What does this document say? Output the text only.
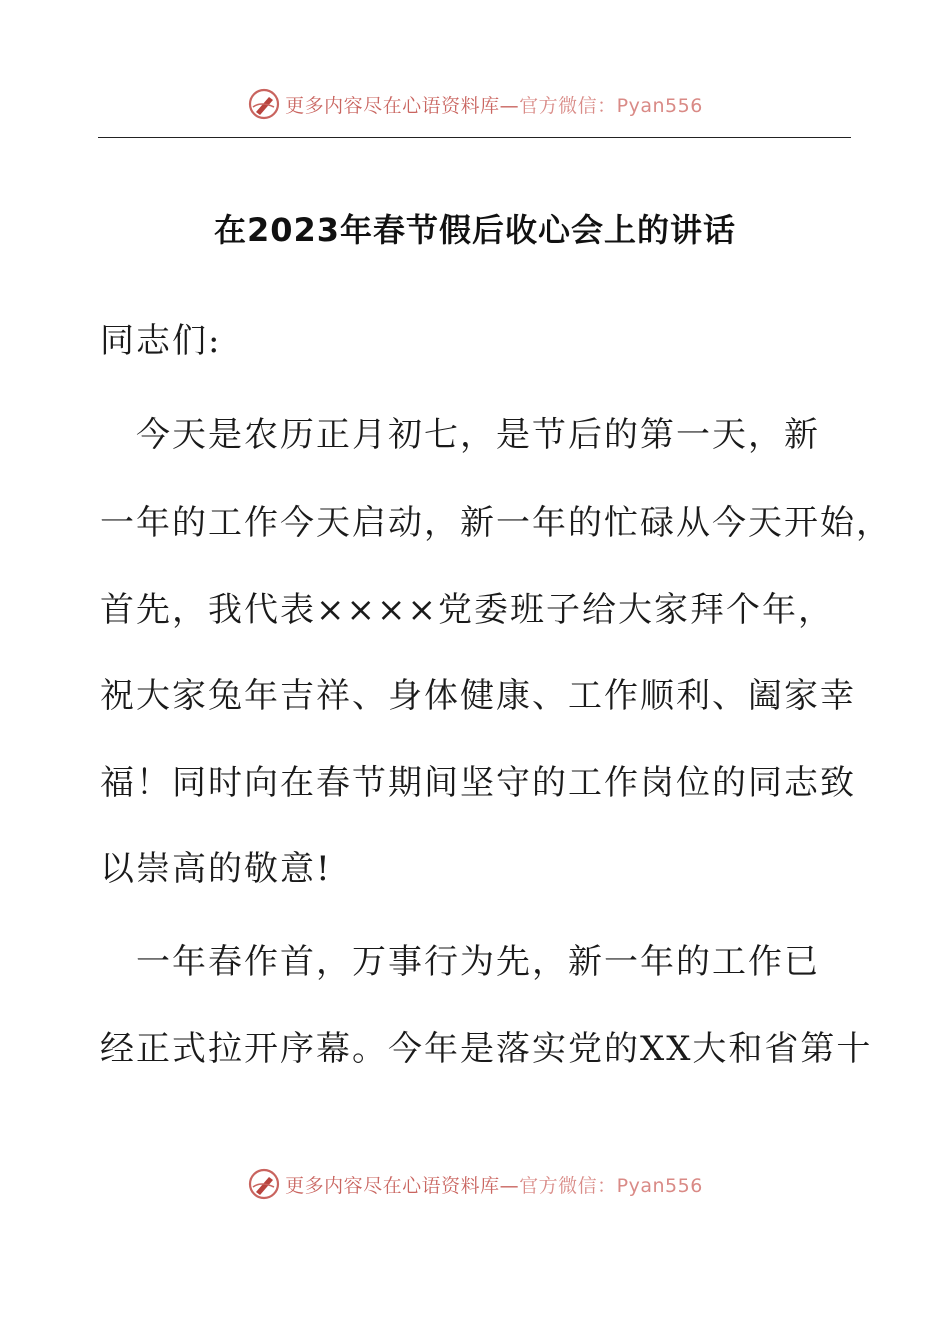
更多内容尽在心语资料库—官方微信：Pyan556
在2023年春节假后收心会上的讲话
同志们:
　今天是农历正月初七，是节后的第一天，新
一年的工作今天启动，新一年的忙碌从今天开始，
首先，我代表××××党委班子给大家拜个年，
祝大家兔年吉祥、身体健康、工作顺利、阖家幸
福！同时向在春节期间坚守的工作岗位的同志致
以崇高的敬意!
　一年春作首，万事行为先，新一年的工作已
经正式拉开序幕。今年是落实党的XX大和省第十
更多内容尽在心语资料库—官方微信：Pyan556
